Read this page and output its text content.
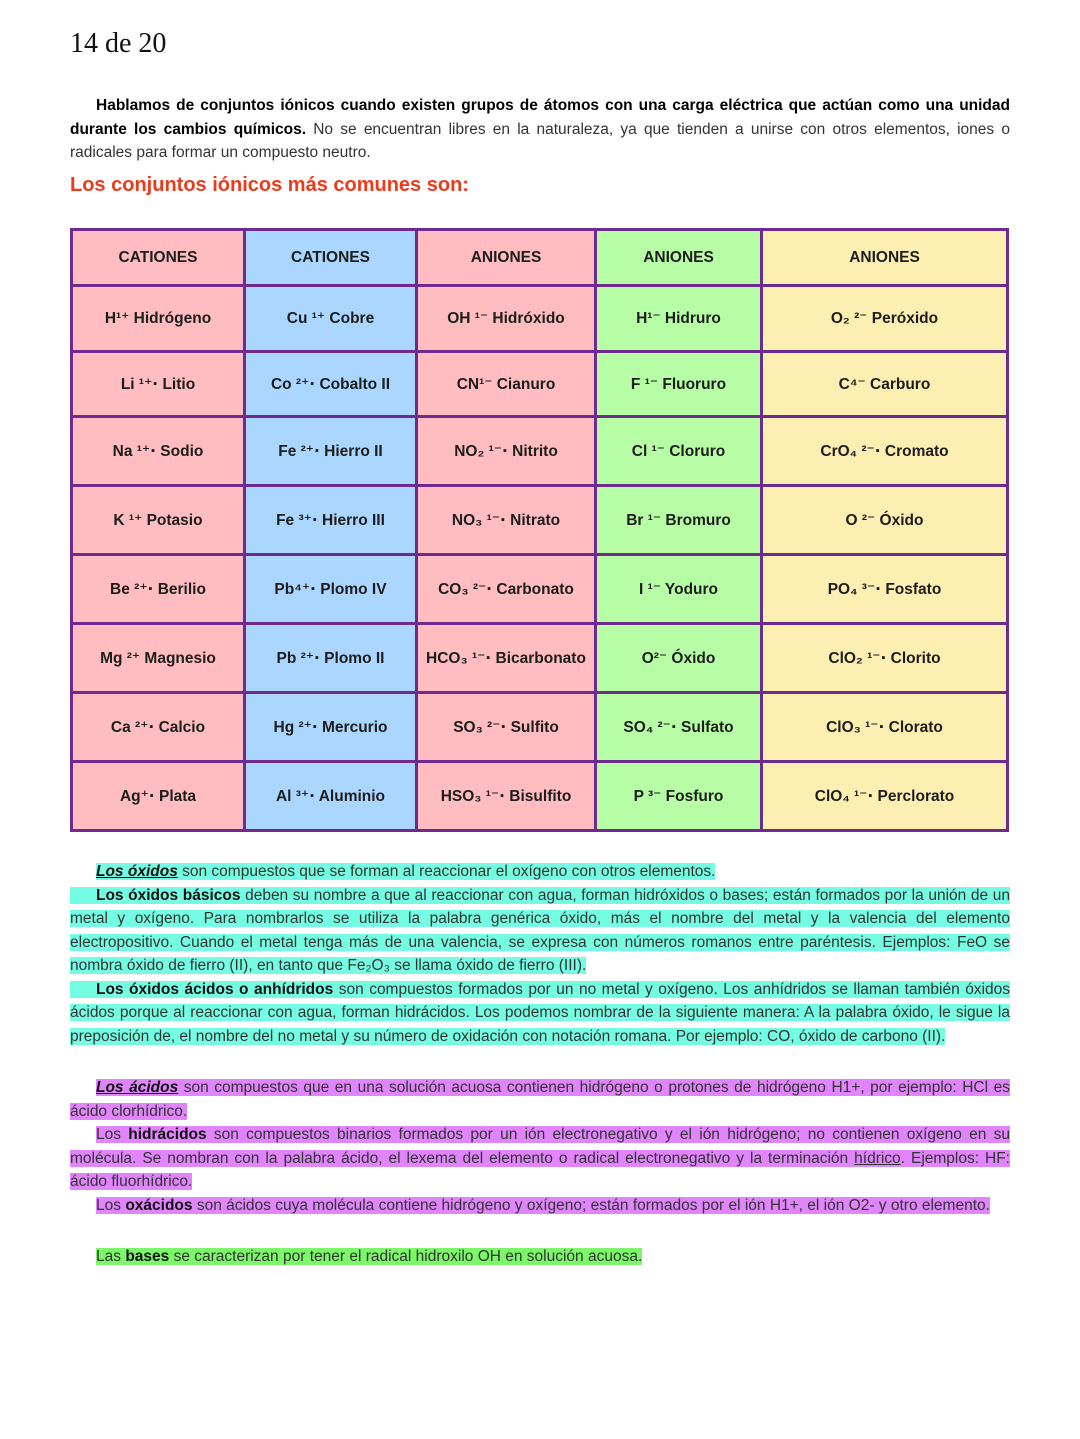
14 de 20
Hablamos de conjuntos iónicos cuando existen grupos de átomos con una carga eléctrica que actúan como una unidad durante los cambios químicos. No se encuentran libres en la naturaleza, ya que tienden a unirse con otros elementos, iones o radicales para formar un compuesto neutro.
Los conjuntos iónicos más comunes son:
CATIONES	CATIONES	ANIONES	ANIONES	ANIONES
H¹⁺ Hidrógeno	Cu ¹⁺ Cobre	OH ¹⁻ Hidróxido	H¹⁻ Hidruro	O₂ ²⁻ Peróxido
Li ¹⁺⋅ Litio	Co ²⁺⋅ Cobalto II	CN¹⁻ Cianuro	F ¹⁻ Fluoruro	C⁴⁻ Carburo
Na ¹⁺⋅ Sodio	Fe ²⁺⋅ Hierro II	NO₂ ¹⁻⋅ Nitrito	Cl ¹⁻ Cloruro	CrO₄ ²⁻⋅ Cromato
K ¹⁺ Potasio	Fe ³⁺⋅ Hierro III	NO₃ ¹⁻⋅ Nitrato	Br ¹⁻ Bromuro	O ²⁻ Óxido
Be ²⁺⋅ Berilio	Pb⁴⁺⋅ Plomo IV	CO₃ ²⁻⋅ Carbonato	I ¹⁻ Yoduro	PO₄ ³⁻⋅ Fosfato
Mg ²⁺ Magnesio	Pb ²⁺⋅ Plomo II	HCO₃ ¹⁻⋅ Bicarbonato	O²⁻ Óxido	ClO₂ ¹⁻⋅ Clorito
Ca ²⁺⋅ Calcio	Hg ²⁺⋅ Mercurio	SO₃ ²⁻⋅ Sulfito	SO₄ ²⁻⋅ Sulfato	ClO₃ ¹⁻⋅ Clorato
Ag⁺⋅ Plata	Al ³⁺⋅ Aluminio	HSO₃ ¹⁻⋅ Bisulfito	P ³⁻ Fosfuro	ClO₄ ¹⁻⋅ Perclorato

Los óxidos son compuestos que se forman al reaccionar el oxígeno con otros elementos.

Los óxidos básicos deben su nombre a que al reaccionar con agua, forman hidróxidos o bases; están formados por la unión de un metal y oxígeno. Para nombrarlos se utiliza la palabra genérica óxido, más el nombre del metal y la valencia del elemento electropositivo. Cuando el metal tenga más de una valencia, se expresa con números romanos entre paréntesis. Ejemplos: FeO se nombra óxido de fierro (II), en tanto que Fe₂O₃ se llama óxido de fierro (III).

Los óxidos ácidos o anhídridos son compuestos formados por un no metal y oxígeno. Los anhídridos se llaman también óxidos ácidos porque al reaccionar con agua, forman hidrácidos. Los podemos nombrar de la siguiente manera: A la palabra óxido, le sigue la preposición de, el nombre del no metal y su número de oxidación con notación romana. Por ejemplo: CO, óxido de carbono (II).

Los ácidos son compuestos que en una solución acuosa contienen hidrógeno o protones de hidrógeno H1+, por ejemplo: HCl es ácido clorhídrico.

Los hidrácidos son compuestos binarios formados por un ión electronegativo y el ión hidrógeno; no contienen oxígeno en su molécula. Se nombran con la palabra ácido, el lexema del elemento o radical electronegativo y la terminación hídrico. Ejemplos: HF: ácido fluorhídrico.

Los oxácidos son ácidos cuya molécula contiene hidrógeno y oxígeno; están formados por el ión H1+, el ión O2- y otro elemento.

Las bases se caracterizan por tener el radical hidroxilo OH en solución acuosa.
